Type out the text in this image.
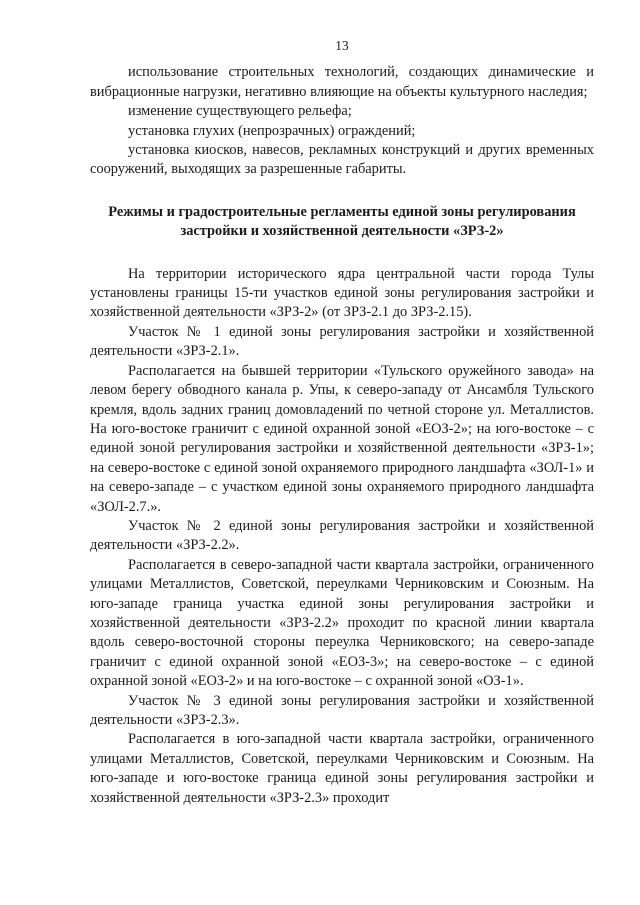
13

использование строительных технологий, создающих динамические и вибрационные нагрузки, негативно влияющие на объекты культурного наследия;

изменение существующего рельефа;

установка глухих (непрозрачных) ограждений;

установка киосков, навесов, рекламных конструкций и других временных сооружений, выходящих за разрешенные габариты.

Режимы и градостроительные регламенты единой зоны регулирования
застройки и хозяйственной деятельности «ЗРЗ-2»

На территории исторического ядра центральной части города Тулы установлены границы 15-ти участков единой зоны регулирования застройки и хозяйственной деятельности «ЗРЗ-2» (от ЗРЗ-2.1 до ЗРЗ-2.15).

Участок № 1 единой зоны регулирования застройки и хозяйственной деятельности «ЗРЗ-2.1».

Располагается на бывшей территории «Тульского оружейного завода» на левом берегу обводного канала р. Упы, к северо-западу от Ансамбля Тульского кремля, вдоль задних границ домовладений по четной стороне ул. Металлистов. На юго-востоке граничит с единой охранной зоной «ЕОЗ-2»; на юго-востоке – с единой зоной регулирования застройки и хозяйственной деятельности «ЗРЗ-1»; на северо-востоке с единой зоной охраняемого природного ландшафта «ЗОЛ-1» и на северо-западе – с участком единой зоны охраняемого природного ландшафта «ЗОЛ-2.7.».

Участок № 2 единой зоны регулирования застройки и хозяйственной деятельности «ЗРЗ-2.2».

Располагается в северо-западной части квартала застройки, ограниченного улицами Металлистов, Советской, переулками Черниковским и Союзным. На юго-западе граница участка единой зоны регулирования застройки и хозяйственной деятельности «ЗРЗ-2.2» проходит по красной линии квартала вдоль северо-восточной стороны переулка Черниковского; на северо-западе граничит с единой охранной зоной «ЕОЗ-3»; на северо-востоке – с единой охранной зоной «ЕОЗ-2» и на юго-востоке – с охранной зоной «ОЗ-1».

Участок № 3 единой зоны регулирования застройки и хозяйственной деятельности «ЗРЗ-2.3».

Располагается в юго-западной части квартала застройки, ограниченного улицами Металлистов, Советской, переулками Черниковским и Союзным. На юго-западе и юго-востоке граница единой зоны регулирования застройки и хозяйственной деятельности «ЗРЗ-2.3» проходит
